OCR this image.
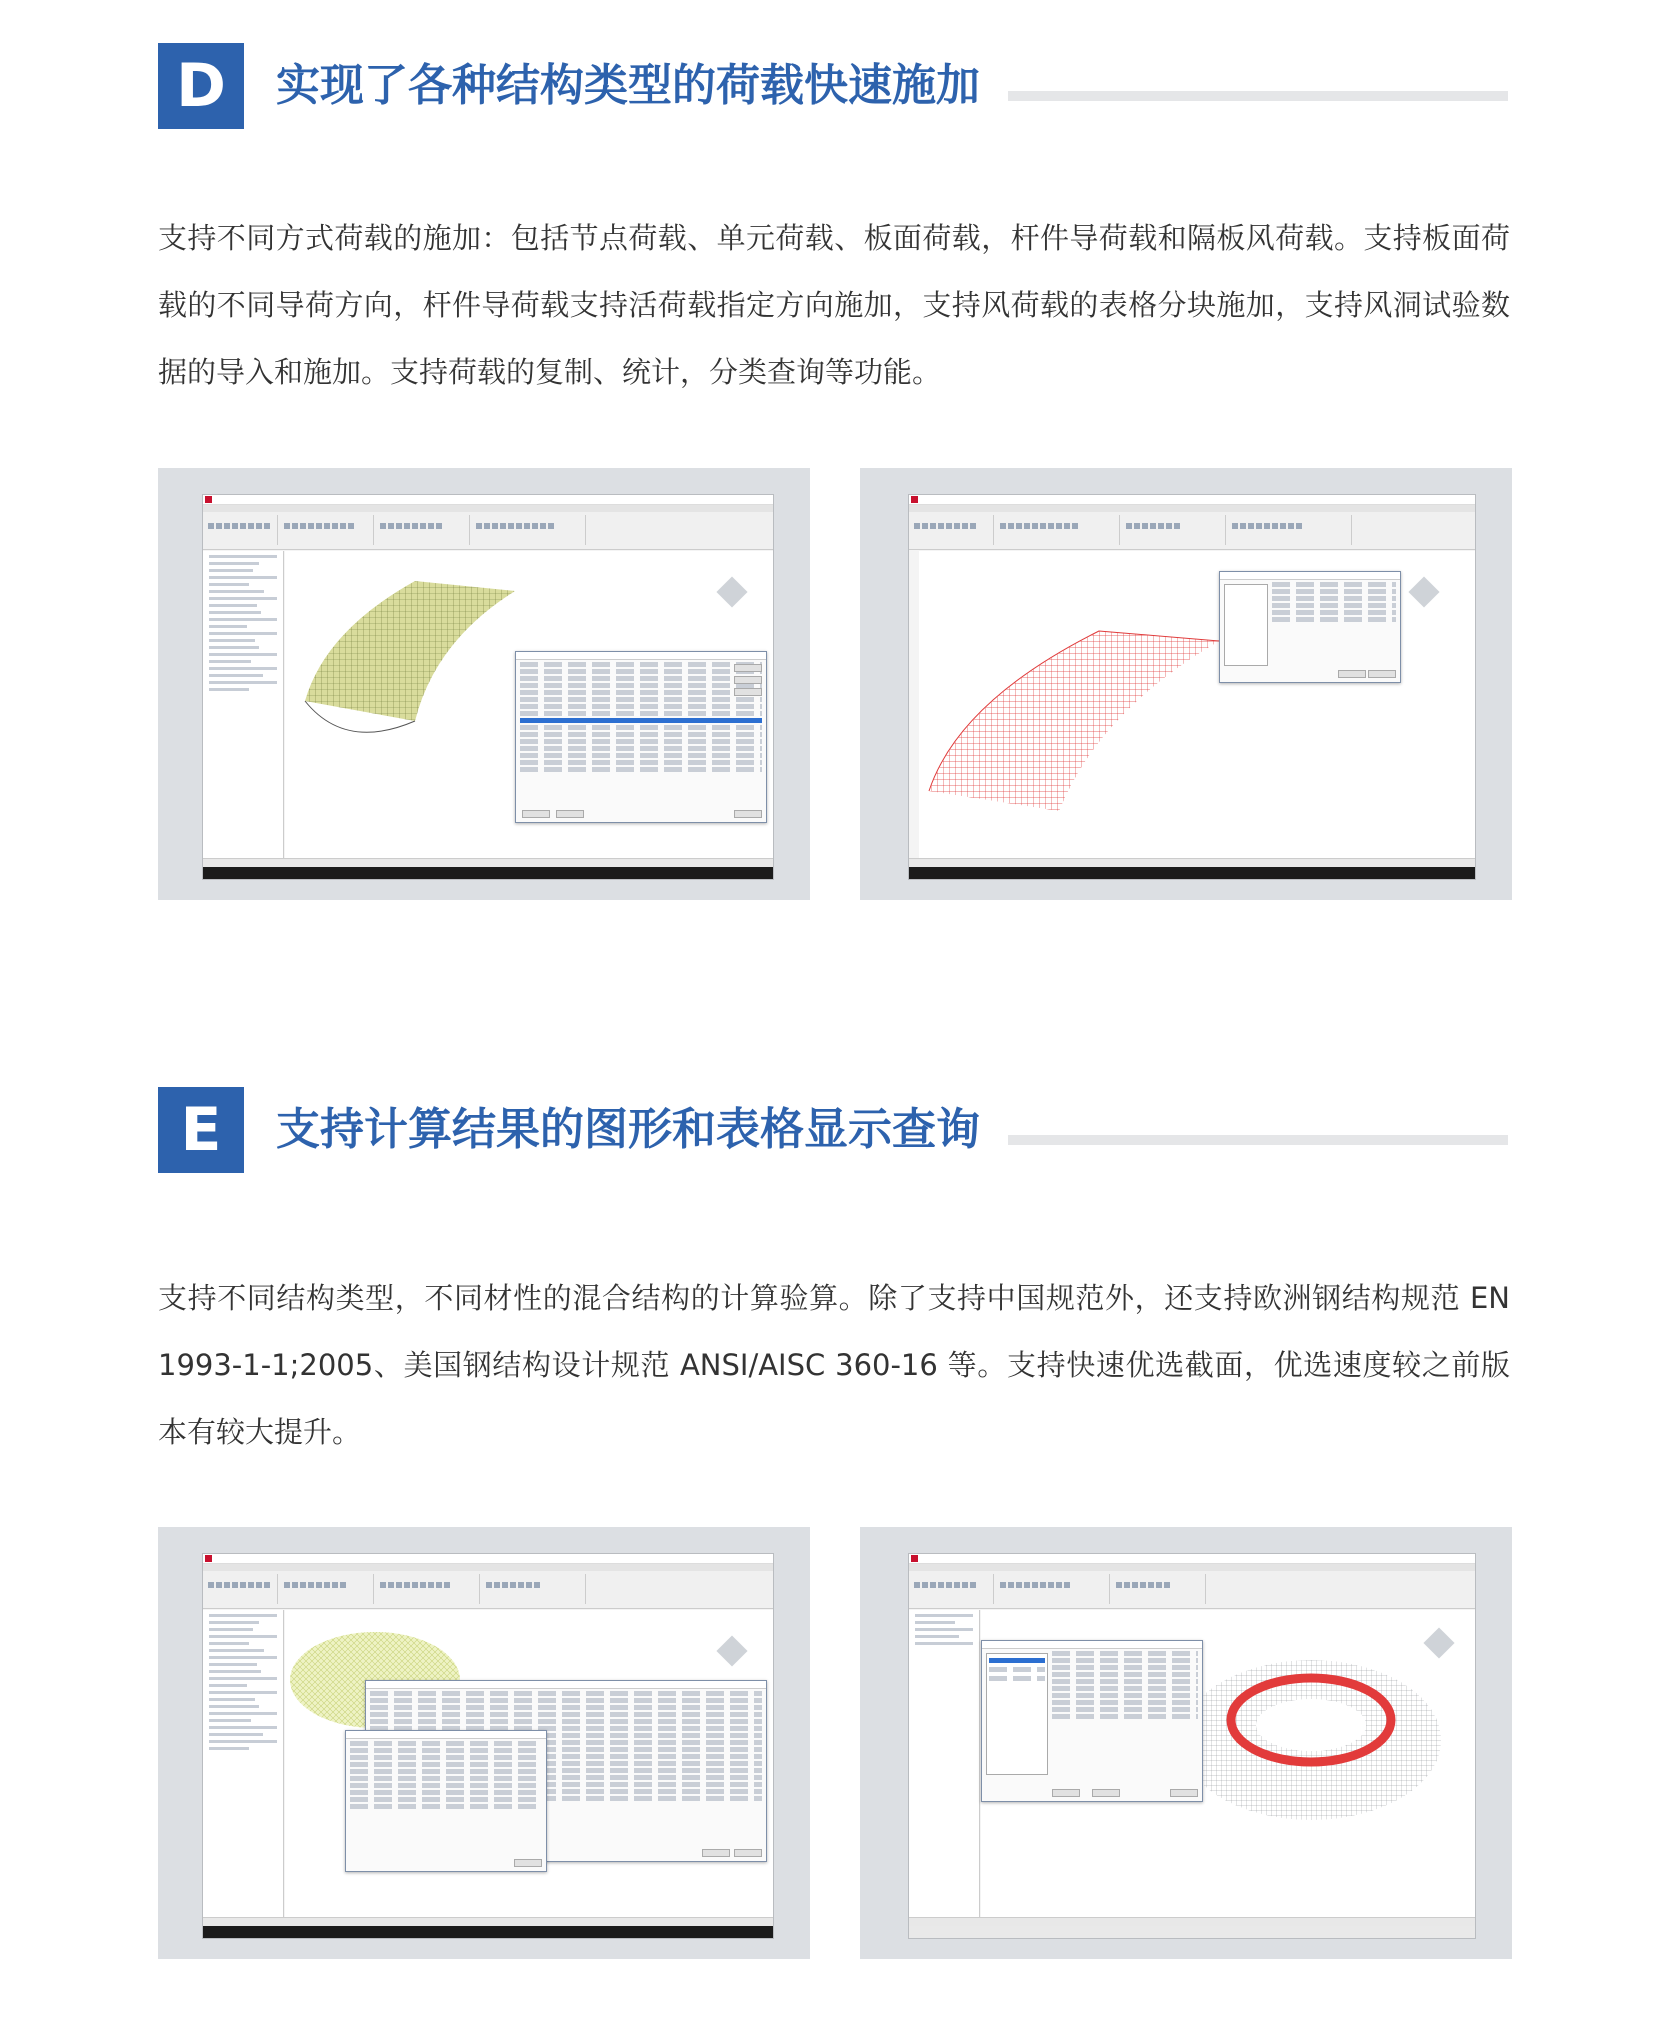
D	实现了各种结构类型的荷载快速施加

支持不同方式荷载的施加：包括节点荷载、单元荷载、板面荷载，杆件导荷载和隔板风荷载。支持板面荷载的不同导荷方向，杆件导荷载支持活荷载指定方向施加，支持风荷载的表格分块施加，支持风洞试验数据的导入和施加。支持荷载的复制、统计，分类查询等功能。

E	支持计算结果的图形和表格显示查询

支持不同结构类型，不同材性的混合结构的计算验算。除了支持中国规范外，还支持欧洲钢结构规范 EN 1993-1-1;2005、美国钢结构设计规范 ANSI/AISC 360-16 等。支持快速优选截面，优选速度较之前版本有较大提升。
